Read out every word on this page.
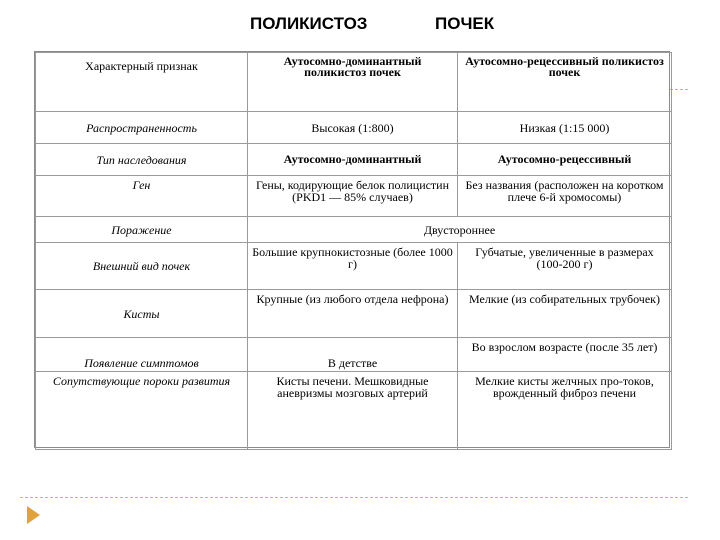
ПОЛИКИСТОЗ	ПОЧЕК
Характерный признак	Аутосомно-доминантный поликистоз почек	Аутосомно-рецессивный поликистоз почек
Распространенность	Высокая (1:800)	Низкая (1:15 000)
Тип наследования	Аутосомно-доминантный	Аутосомно-рецессивный
Ген	Гены, кодирующие белок полицистин (PKD1 — 85% случаев)	Без названия (расположен на коротком плече 6-й хромосомы)
Поражение	Двустороннее	
Внешний вид почек	Большие крупнокистозные (более 1000 г)	Губчатые, увеличенные в размерах (100-200 г)
Кисты	Крупные (из любого отдела нефрона)	Мелкие (из собирательных трубочек)
Появление симптомов	В детстве	Во взрослом возрасте (после 35 лет)
Сопутствующие пороки развития	Кисты печени. Мешковидные аневризмы мозговых артерий	Мелкие кисты желчных про-токов, врожденный фиброз печени
